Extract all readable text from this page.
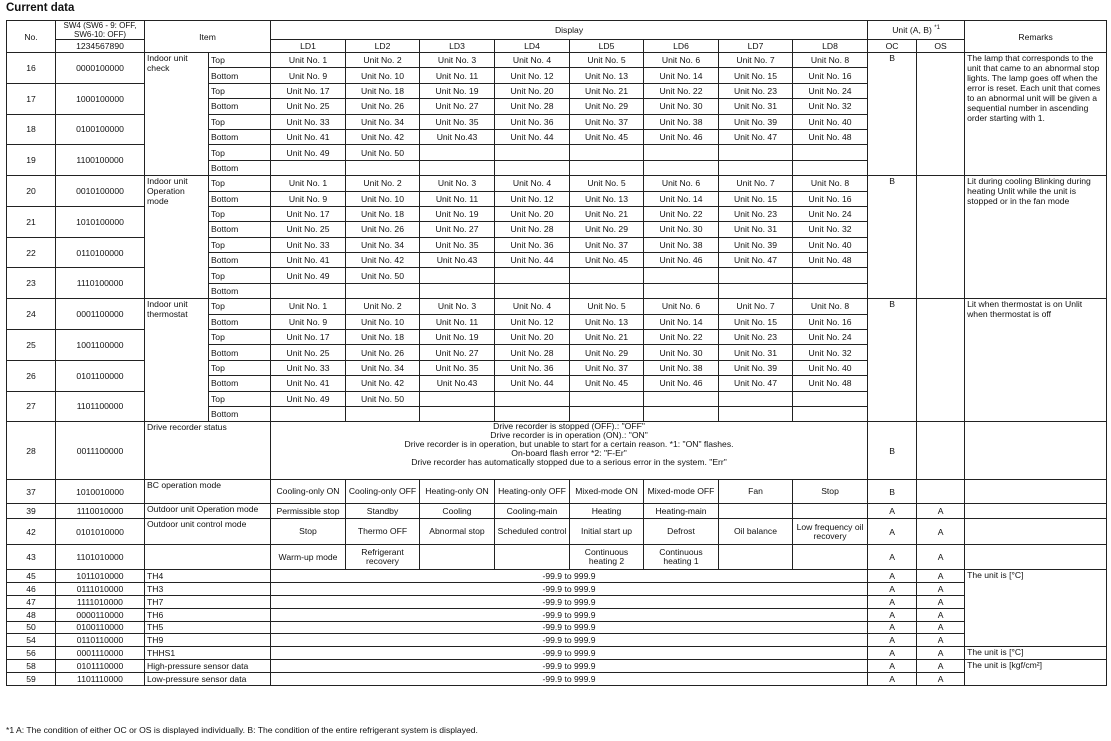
Current data
No.	SW4 (SW6 - 9: OFF, SW6-10: OFF)	Item		Display								Unit (A, B) $^{*1}$		Remarks
	1234567890			LD1	LD2	LD3	LD4	LD5	LD6	LD7	LD8	OC	OS	
16	0000100000	Indoor unit check	Top	Unit No. 1	Unit No. 2	Unit No. 3	Unit No. 4	Unit No. 5	Unit No. 6	Unit No. 7	Unit No. 8	B		The lamp that corresponds to the unit that came to an abnormal stop lights. The lamp goes off when the error is reset. Each unit that comes to an abnormal unit will be given a sequential number in ascending order starting with 1.
			Bottom	Unit No. 9	Unit No. 10	Unit No. 11	Unit No. 12	Unit No. 13	Unit No. 14	Unit No. 15	Unit No. 16			
17	1000100000		Top	Unit No. 17	Unit No. 18	Unit No. 19	Unit No. 20	Unit No. 21	Unit No. 22	Unit No. 23	Unit No. 24			
			Bottom	Unit No. 25	Unit No. 26	Unit No. 27	Unit No. 28	Unit No. 29	Unit No. 30	Unit No. 31	Unit No. 32			
18	0100100000		Top	Unit No. 33	Unit No. 34	Unit No. 35	Unit No. 36	Unit No. 37	Unit No. 38	Unit No. 39	Unit No. 40			
			Bottom	Unit No. 41	Unit No. 42	Unit No.43	Unit No. 44	Unit No. 45	Unit No. 46	Unit No. 47	Unit No. 48			
19	1100100000		Top	Unit No. 49	Unit No. 50									
			Bottom											
20	0010100000	Indoor unit Operation mode	Top	Unit No. 1	Unit No. 2	Unit No. 3	Unit No. 4	Unit No. 5	Unit No. 6	Unit No. 7	Unit No. 8	B		Lit during cooling Blinking during heating Unlit while the unit is stopped or in the fan mode
			Bottom	Unit No. 9	Unit No. 10	Unit No. 11	Unit No. 12	Unit No. 13	Unit No. 14	Unit No. 15	Unit No. 16			
21	1010100000		Top	Unit No. 17	Unit No. 18	Unit No. 19	Unit No. 20	Unit No. 21	Unit No. 22	Unit No. 23	Unit No. 24			
			Bottom	Unit No. 25	Unit No. 26	Unit No. 27	Unit No. 28	Unit No. 29	Unit No. 30	Unit No. 31	Unit No. 32			
22	0110100000		Top	Unit No. 33	Unit No. 34	Unit No. 35	Unit No. 36	Unit No. 37	Unit No. 38	Unit No. 39	Unit No. 40			
			Bottom	Unit No. 41	Unit No. 42	Unit No.43	Unit No. 44	Unit No. 45	Unit No. 46	Unit No. 47	Unit No. 48			
23	1110100000		Top	Unit No. 49	Unit No. 50									
			Bottom											
24	0001100000	Indoor unit thermostat	Top	Unit No. 1	Unit No. 2	Unit No. 3	Unit No. 4	Unit No. 5	Unit No. 6	Unit No. 7	Unit No. 8	B		Lit when thermostat is on Unlit when thermostat is off
			Bottom	Unit No. 9	Unit No. 10	Unit No. 11	Unit No. 12	Unit No. 13	Unit No. 14	Unit No. 15	Unit No. 16			
25	1001100000		Top	Unit No. 17	Unit No. 18	Unit No. 19	Unit No. 20	Unit No. 21	Unit No. 22	Unit No. 23	Unit No. 24			
			Bottom	Unit No. 25	Unit No. 26	Unit No. 27	Unit No. 28	Unit No. 29	Unit No. 30	Unit No. 31	Unit No. 32			
26	0101100000		Top	Unit No. 33	Unit No. 34	Unit No. 35	Unit No. 36	Unit No. 37	Unit No. 38	Unit No. 39	Unit No. 40			
			Bottom	Unit No. 41	Unit No. 42	Unit No.43	Unit No. 44	Unit No. 45	Unit No. 46	Unit No. 47	Unit No. 48			
27	1101100000		Top	Unit No. 49	Unit No. 50									
			Bottom											
28	0011100000	Drive recorder status		Drive recorder is stopped (OFF).: "OFF"
Drive recorder is in operation (ON).: "ON"
Drive recorder is in operation, but unable to start for a certain reason. *1: "ON" flashes.
On-board flash error *2: "F-Er"
Drive recorder has automatically stopped due to a serious error in the system. "Err"								B		
37	1010010000	BC operation mode		Cooling-only ON	Cooling-only OFF	Heating-only ON	Heating-only OFF	Mixed-mode ON	Mixed-mode OFF	Fan	Stop	B		
39	1110010000	Outdoor unit Operation mode		Permissible stop	Standby	Cooling	Cooling-main	Heating	Heating-main			A	A	
42	0101010000	Outdoor unit control mode		Stop	Thermo OFF	Abnormal stop	Scheduled control	Initial start up	Defrost	Oil balance	Low frequency oil recovery	A	A	
43	1101010000			Warm-up mode	Refrigerant recovery			Continuous heating 2	Continuous heating 1			A	A	
45	1011010000	TH4		-99.9 to 999.9								A	A	The unit is [°C]
46	0111010000	TH3		-99.9 to 999.9								A	A	
47	1111010000	TH7		-99.9 to 999.9								A	A	
48	0000110000	TH6		-99.9 to 999.9								A	A	
50	0100110000	TH5		-99.9 to 999.9								A	A	
54	0110110000	TH9		-99.9 to 999.9								A	A	
56	0001110000	THHS1		-99.9 to 999.9								A	A	The unit is [°C]
58	0101110000	High-pressure sensor data		-99.9 to 999.9								A	A	The unit is [kgf/cm²]
59	1101110000	Low-pressure sensor data		-99.9 to 999.9								A	A	
*1 A: The condition of either OC or OS is displayed individually. B: The condition of the entire refrigerant system is displayed.
